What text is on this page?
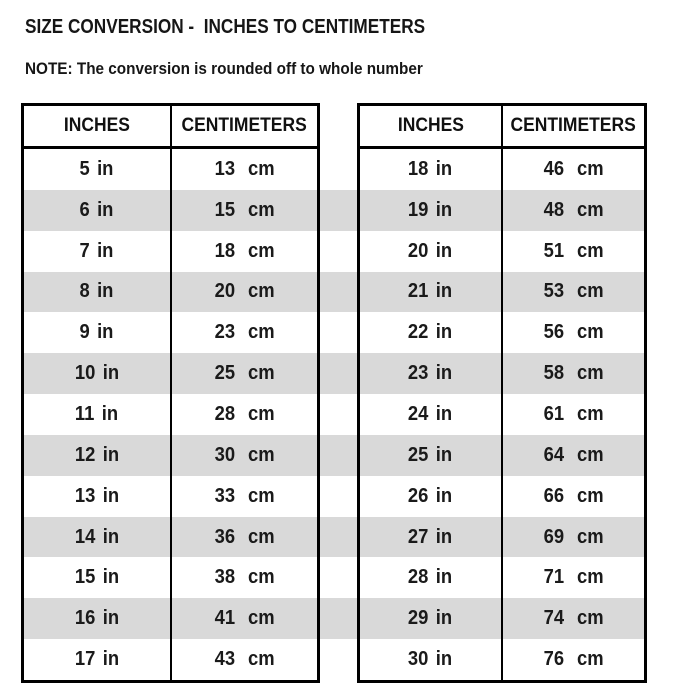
SIZE CONVERSION -  INCHES TO CENTIMETERS
NOTE: The conversion is rounded off to whole number
INCHES	CENTIMETERS
5 in	13 cm
6 in	15 cm
7 in	18 cm
8 in	20 cm
9 in	23 cm
10 in	25 cm
11 in	28 cm
12 in	30 cm
13 in	33 cm
14 in	36 cm
15 in	38 cm
16 in	41 cm
17 in	43 cm
INCHES CENTIMETERS
18 in	46 cm
19 in	48 cm
20 in	51 cm
21 in	53 cm
22 in	56 cm
23 in	58 cm
24 in	61 cm
25 in	64 cm
26 in	66 cm
27 in	69 cm
28 in	71 cm
29 in	74 cm
30 in	76 cm
